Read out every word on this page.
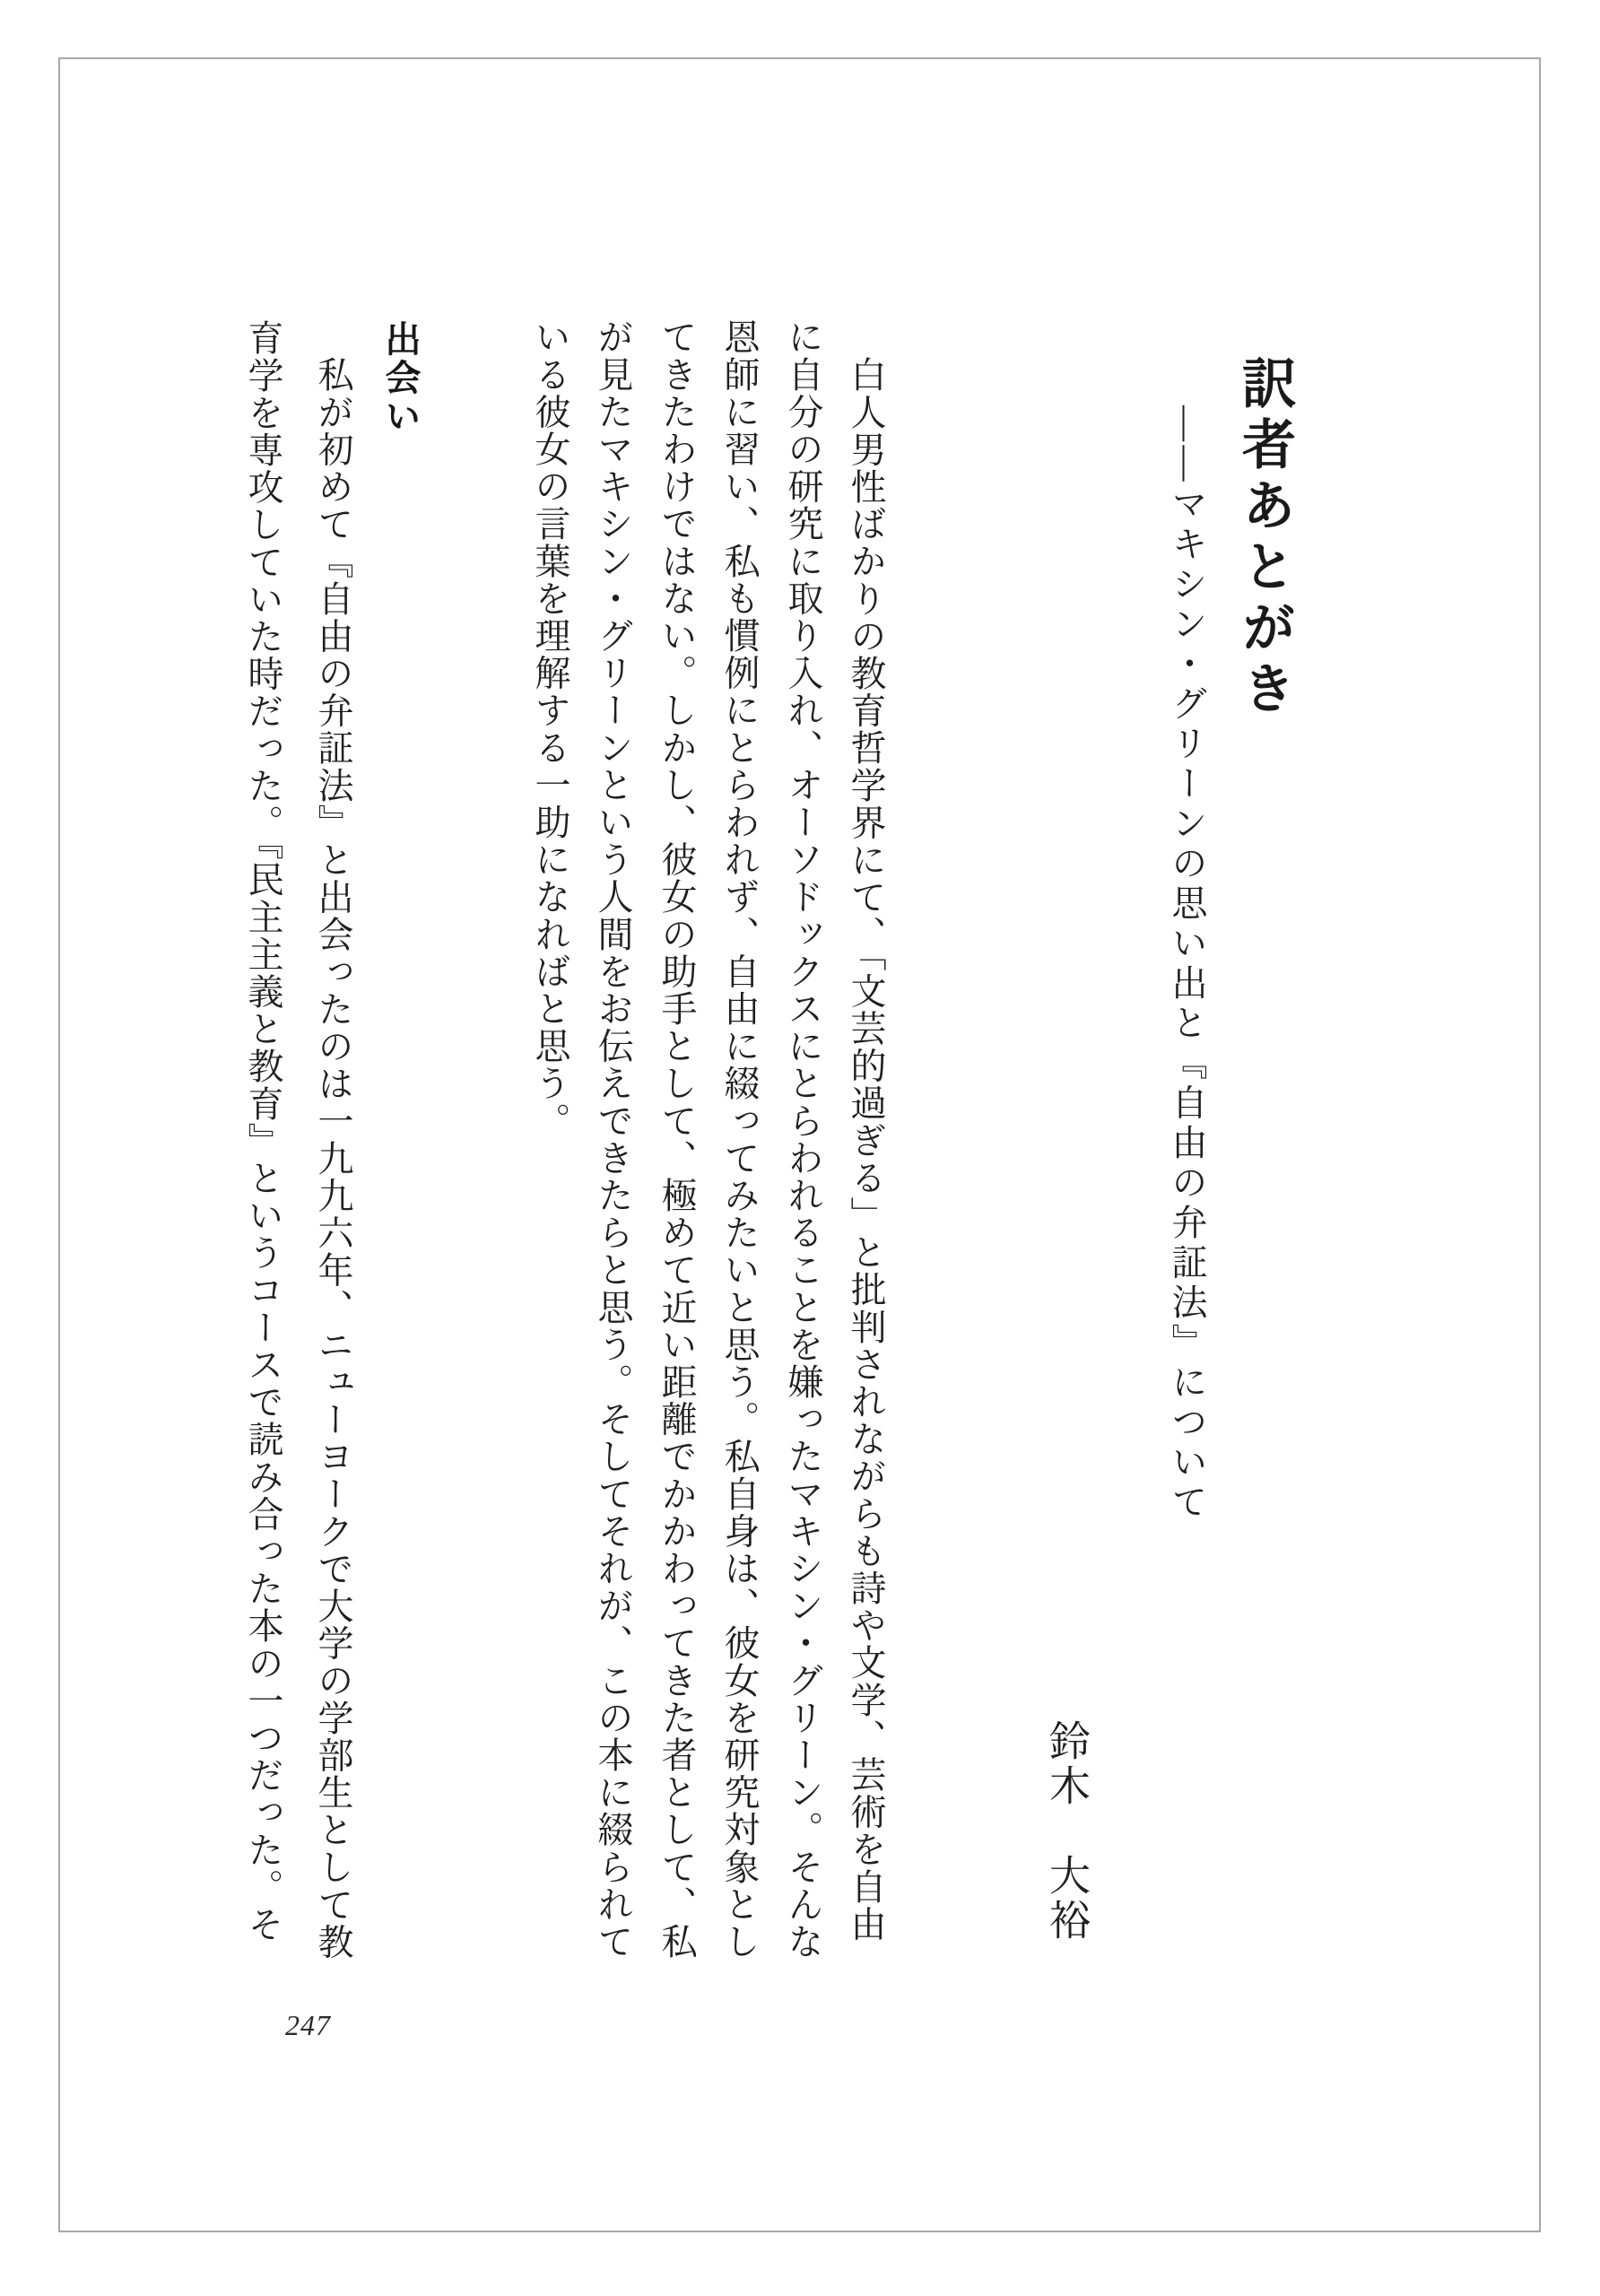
訳者あとがき
――マキシン・グリーンの思い出と『自由の弁証法』について
鈴木　大裕
白人男性ばかりの教育哲学界にて、「文芸的過ぎる」と批判されながらも詩や文学、芸術を自由
に自分の研究に取り入れ、オーソドックスにとらわれることを嫌ったマキシン・グリーン。そんな
恩師に習い、私も慣例にとらわれず、自由に綴ってみたいと思う。私自身は、彼女を研究対象とし
てきたわけではない。しかし、彼女の助手として、極めて近い距離でかかわってきた者として、私
が見たマキシン・グリーンという人間をお伝えできたらと思う。そしてそれが、この本に綴られて
いる彼女の言葉を理解する一助になればと思う。
出会い
私が初めて『自由の弁証法』と出会ったのは一九九六年、ニューヨークで大学の学部生として教
育学を専攻していた時だった。『民主主義と教育』というコースで読み合った本の一つだった。そ
247
